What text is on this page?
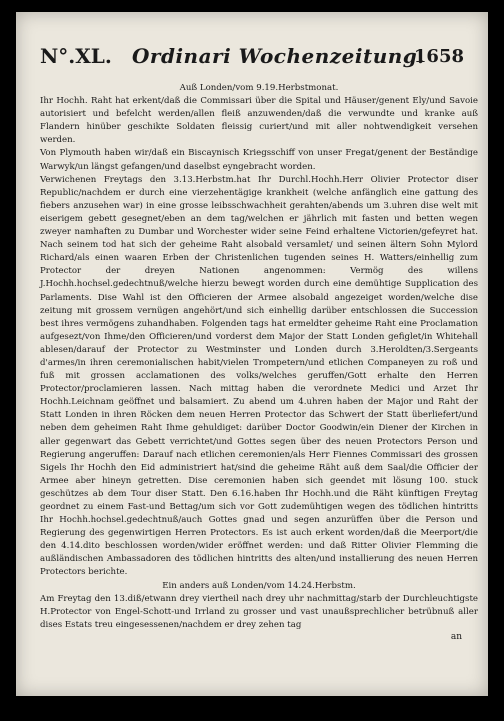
N°.XL. Ordinari Wochenzeitung.
1658

Auß Londen/vom 9.19.Herbstmonat.

Ihr Hochh. Raht hat erkent/daß die Commissari über die Spital und Häuser/genent Ely/und Savoie autorisiert und befelcht werden/allen fleiß anzuwenden/daß die verwundte und kranke auß Flandern hinüber geschikte Soldaten fleissig curiert/und mit aller nohtwendigkeit versehen werden.

Von Plymouth haben wir/daß ein Biscaynisch Kriegsschiff von unser Fregat/genent der Beständige Warwyk/un längst gefangen/und daselbst eyngebracht worden.

Verwichenen Freytags den 3.13.Herbstm.hat Ihr Durchl.Hochh.Herr Olivier Protector diser Republic/nachdem er durch eine vierzehentägige krankheit (welche anfänglich eine gattung des fiebers anzusehen war) in eine grosse leibsschwachheit gerahten/abends um 3.uhren dise welt mit eiserigem gebett gesegnet/eben an dem tag/welchen er jährlich mit fasten und betten wegen zweyer namhaften zu Dumbar und Worchester wider seine Feind erhaltene Victorien/gefeyret hat. Nach seinem tod hat sich der geheime Raht alsobald versamlet/ und seinen ältern Sohn Mylord Richard/als einen waaren Erben der Christenlichen tugenden seines H. Watters/einhellig zum Protector der dreyen Nationen angenommen: Vermög des willens J.Hochh.hochsel.gedechtnuß/welche hierzu bewegt worden durch eine demühtige Supplication des Parlaments. Dise Wahl ist den Officieren der Armee alsobald angezeiget worden/welche dise zeitung mit grossem vernügen angehört/und sich einhellig darüber entschlossen die Succession best ihres vermögens zuhandhaben. Folgenden tags hat ermeldter geheime Raht eine Proclamation aufgesezt/von Ihme/den Officieren/und vorderst dem Major der Statt Londen gefiglet/in Whitehall ablesen/darauf der Protector zu Westminster und Londen durch 3.Heroldten/3.Sergeants d'armes/in ihren ceremonialischen habit/vielen Trompetern/und etlichen Companeyen zu roß und fuß mit grossen acclamationen des volks/welches geruffen/Gott erhalte den Herren Protector/proclamieren lassen. Nach mittag haben die verordnete Medici und Arzet Ihr Hochh.Leichnam geöffnet und balsamiert. Zu abend um 4.uhren haben der Major und Raht der Statt Londen in ihren Röcken dem neuen Herren Protector das Schwert der Statt überliefert/und neben dem geheimen Raht Ihme gehuldiget: darüber Doctor Goodwin/ein Diener der Kirchen in aller gegenwart das Gebett verrichtet/und Gottes segen über des neuen Protectors Person und Regierung angeruffen: Darauf nach etlichen ceremonien/als Herr Fiennes Commissari des grossen Sigels Ihr Hochh den Eid administriert hat/sind die geheime Räht auß dem Saal/die Officier der Armee aber hineyn getretten. Dise ceremonien haben sich geendet mit lösung 100. stuck geschützes ab dem Tour diser Statt. Den 6.16.haben Ihr Hochh.und die Räht künftigen Freytag geordnet zu einem Fast-und Bettag/um sich vor Gott zudemühtigen wegen des tödlichen hintritts Ihr Hochh.hochsel.gedechtnuß/auch Gottes gnad und segen anzurüffen über die Person und Regierung des gegenwirtigen Herren Protectors. Es ist auch erkent worden/daß die Meerport/die den 4.14.dito beschlossen worden/wider eröffnet werden: und daß Ritter Olivier Flemming die außländischen Ambassadoren des tödlichen hintritts des alten/und installierung des neuen Herren Protectors berichte.

Ein anders auß Londen/vom 14.24.Herbstm.

Am Freytag den 13.diß/etwann drey viertheil nach drey uhr nachmittag/starb der Durchleuchtigste H.Protector von Engel-Schott-und Irrland zu grosser und vast unaußsprechlicher betrübnuß aller dises Estats treu eingesessenen/nachdem er drey zehen tag

an
